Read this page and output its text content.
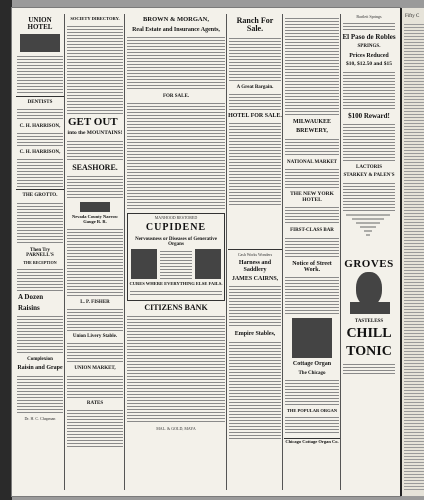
UNION HOTEL
DENTISTS
C. H. HARRISON,
C. H. HARRISON,
THE GROTTO.
Then Try PARNELL'S
THE RECEPTION
A Dozen
Raisins
Complexion
Raisin and Grape
Dr. H. C. Chapman
SOCIETY DIRECTORY.
GET OUT
into the MOUNTAINS!
SEASHORE.
Nevada County Narrow Gauge R. R.
L. P. FISHER
Union Livery Stable.
UNION MARKET,
RATES
BROWN & MORGAN,
Real Estate and Insurance Agents,
FOR SALE.
MANHOOD RESTORED
CUPIDENE
Nervousness or Diseases of Generative Organs
CURES WHERE EVERYTHING ELSE FAILS.
CITIZENS BANK
MAL. & GOLD, MAYA
Ranch For Sale.
A Great Bargain.
HOTEL FOR SALE.
Cash Works Wonders
Harness and Saddlery
JAMES CAIRNS,
Empire Stables,
MILWAUKEE
BREWERY,
NATIONAL MARKET
THE NEW YORK HOTEL
FIRST-CLASS BAR
Notice of Street Work.
Cottage Organ
The Chicago
THE POPULAR ORGAN
Chicago Cottage Organ Co.
Bartlett Springs
El Paso de Robles
SPRINGS.
Prices Reduced
$10, $12.50 and $15
$100 Reward!
LACTORIS
STARKEY & PALEN'S
GROVES
TASTELESS
CHILL
TONIC
Fifty C
